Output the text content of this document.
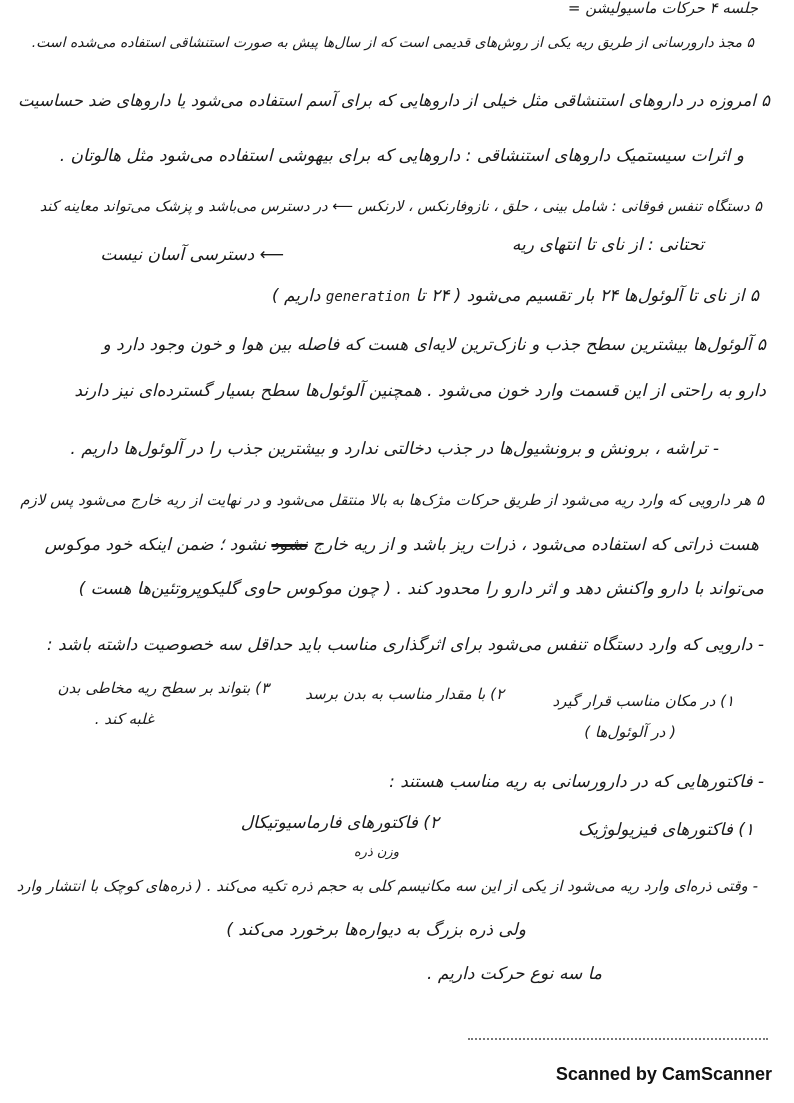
جلسه ۴ حرکات ‌ماسیولیشن =
۵ مجذ دارورسانی از طریق ریه یکی از روش‌های قدیمی است که از سال‌ها پیش به صورت استنشاقی استفاده می‌شده است.
۵ امروزه در داروهای استنشاقی مثل خیلی از داروهایی که برای آسم استفاده می‌شود یا داروهای ضد حساسیت
و اثرات سیستمیک داروهای استنشاقی : داروهایی که برای بیهوشی استفاده می‌شود مثل هالوتان .
۵ دستگاه تنفس فوقانی : شامل بینی ، حلق ، نازوفارنکس ، لارنکس ⟵ در دسترس می‌باشد و پزشک می‌تواند معاینه کند
تحتانی : از نای تا انتهای ریه
⟵ دسترسی آسان نیست
۵ از نای تا آلوئول‌ها ۲۴ بار تقسیم می‌شود ( ۲۴ تا generation داریم )
۵ آلوئول‌ها بیشترین سطح جذب و نازک‌ترین لایه‌ای هست که فاصله بین هوا و خون وجود دارد و
دارو به راحتی از این قسمت وارد خون می‌شود . همچنین آلوئول‌ها سطح بسیار گسترده‌ای نیز دارند
- تراشه ، برونش و برونشیول‌ها در جذب دخالتی ندارد و بیشترین جذب را در آلوئول‌ها داریم .
۵ هر دارویی که وارد ریه می‌شود از طریق حرکات مژک‌ها به بالا منتقل می‌شود و در نهایت از ریه خارج می‌شود پس لازم
هست ذراتی که استفاده می‌شود ، ذرات ریز باشد و از ریه خارج نشود نشود ؛ ضمن اینکه خود موکوس
می‌تواند با دارو واکنش دهد و اثر دارو را محدود کند . ( چون موکوس حاوی گلیکوپروتئین‌ها هست )
- دارویی که وارد دستگاه تنفس می‌شود برای اثرگذاری مناسب باید حداقل سه خصوصیت داشته باشد :
۱) در مکان مناسب قرار گیرد
( در آلوئول‌ها )
۲) با مقدار مناسب به بدن برسد
۳) بتواند بر سطح ریه مخاطی بدن
غلبه کند .
- فاکتورهایی که در دارورسانی به ریه مناسب هستند :
۱) فاکتورهای فیزیولوژیک
۲) فاکتورهای فارماسیوتیکال
وزن ذره
- وقتی ذره‌ای وارد ریه می‌شود از یکی از این سه مکانیسم کلی به حجم ذره تکیه می‌کند . ( ذره‌های کوچک با انتشار وارد
ولی ذره بزرگ به دیواره‌ها برخورد می‌کند )
ما سه نوع حرکت داریم .
Scanned by CamScanner
